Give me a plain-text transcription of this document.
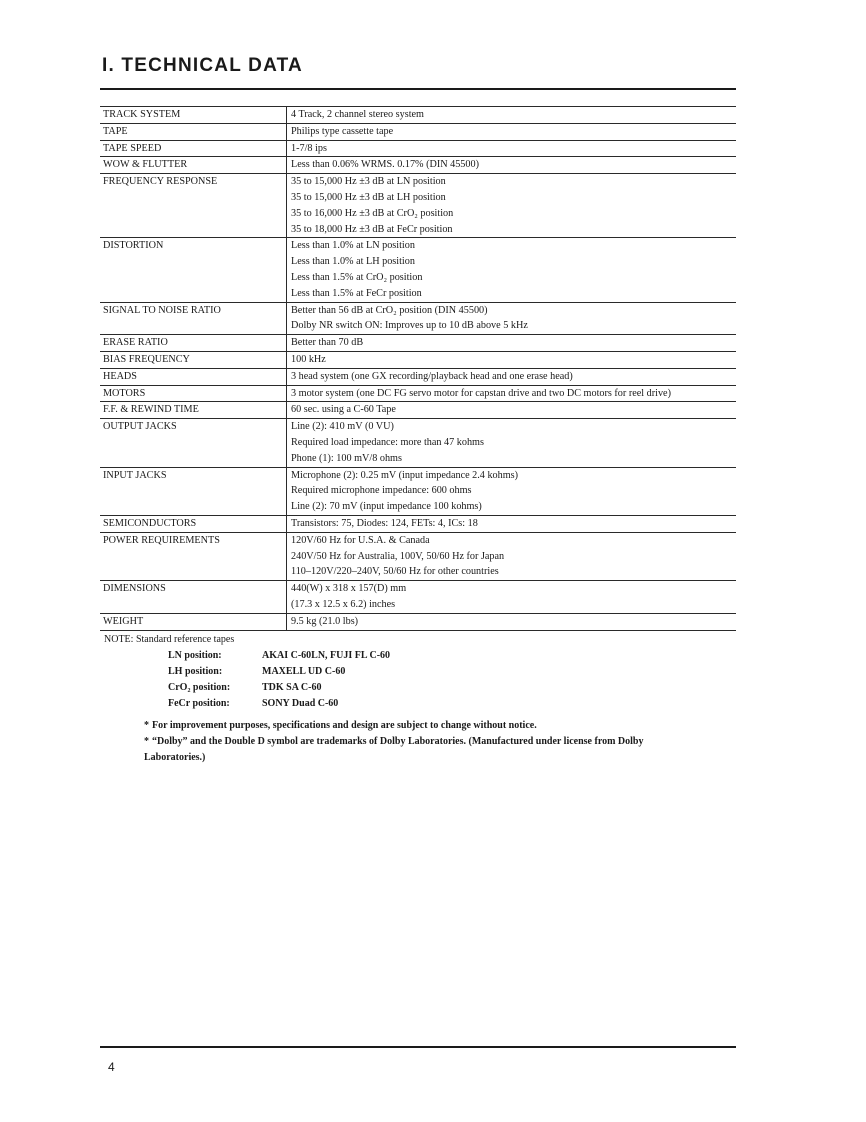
I. TECHNICAL DATA
TRACK SYSTEM	4 Track, 2 channel stereo system

TAPE	Philips type cassette tape

TAPE SPEED	1-7/8 ips

WOW & FLUTTER	Less than 0.06% WRMS. 0.17% (DIN 45500)

FREQUENCY RESPONSE	35 to 15,000 Hz ±3 dB at LN position
35 to 15,000 Hz ±3 dB at LH position
35 to 16,000 Hz ±3 dB at CrO₂ position
35 to 18,000 Hz ±3 dB at FeCr position

DISTORTION	Less than 1.0% at LN position
Less than 1.0% at LH position
Less than 1.5% at CrO₂ position
Less than 1.5% at FeCr position

SIGNAL TO NOISE RATIO	Better than 56 dB at CrO₂ position (DIN 45500)
Dolby NR switch ON: Improves up to 10 dB above 5 kHz

ERASE RATIO	Better than 70 dB

BIAS FREQUENCY	100 kHz

HEADS	3 head system (one GX recording/playback head and one erase head)

MOTORS	3 motor system (one DC FG servo motor for capstan drive and two DC motors for reel drive)

F.F. & REWIND TIME	60 sec. using a C-60 Tape

OUTPUT JACKS	Line (2): 410 mV (0 VU)
Required load impedance: more than 47 kohms
Phone (1): 100 mV/8 ohms

INPUT JACKS	Microphone (2): 0.25 mV (input impedance 2.4 kohms)
Required microphone impedance: 600 ohms
Line (2): 70 mV (input impedance 100 kohms)

SEMICONDUCTORS	Transistors: 75, Diodes: 124, FETs: 4, ICs: 18

POWER REQUIREMENTS	120V/60 Hz for U.S.A. & Canada
240V/50 Hz for Australia, 100V, 50/60 Hz for Japan
110–120V/220–240V, 50/60 Hz for other countries

DIMENSIONS	440(W) x 318 x 157(D) mm
(17.3 x 12.5 x 6.2) inches

WEIGHT	9.5 kg (21.0 lbs)
NOTE: Standard reference tapes
LN position:	AKAI C-60LN, FUJI FL C-60
LH position:	MAXELL UD C-60
CrO₂ position:	TDK SA C-60
FeCr position:	SONY Duad C-60
* For improvement purposes, specifications and design are subject to change without notice.
* “Dolby” and the Double D symbol are trademarks of Dolby Laboratories. (Manufactured under license from Dolby
Laboratories.)
4
